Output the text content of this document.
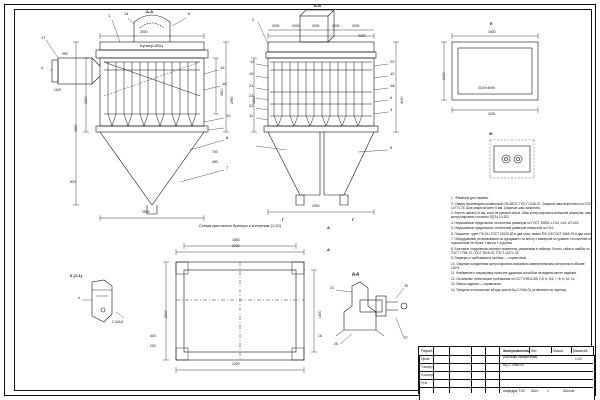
А-А
Б-Б
Е
Ж
К (1:1)	Д-Д
Г	Г
А
А
Схема крепления бункера к колоннам (1:20)
Бункер-ИВЦ
17
4
1	14	6
15
16
10
8
7
2
13
19
21
23
22
11
20
12
18
9
3
5
2000
1500
1800
2990
3810
990
1100
820
2500
750
450
2000	2000	2000	2000	2000
1500	4000
2000
3200
1500
1000
3100×400h
1100
2200
1800
2200	1800
2200
200
600
6
2-3х5,6
24	25
26
27
16
1. *Размеры для справок.
2. Сварку производить проволокой СВ-08Г2С ГОСТ 2246-70. Сварные швы выполнять по ГОСТ 14771-76. Шов сварной катет 6 мм. Сварные швы зачистить.
3. Катеты швов К=6 мм, если не указано иначе. Швы контролировать внешним осмотром; швы контролировать согласно РД 34.10-202.
4. Неуказанные предельные отклонения размеров по ГОСТ 30893.1-H14, h14, ±IT14/2.
5. Неуказанные предельные отклонения размеров отверстий по H14.
6. Покрытие: грунт ГФ-021 ГОСТ 25129-82 в два слоя; эмаль ПФ-115 ГОСТ 6465-76 в два слоя.
7. Оборудование устанавливать на фундамент по месту с выверкой по уровню; отклонение от горизонтали не более 1 мм на 1 м длины.
8. Болтовые соединения затянуть моментом, указанным в таблице. Болты, гайки и шайбы по ГОСТ 7798-70, ГОСТ 5915-70, ГОСТ 11371-78.
9. Размеры и требования в скобках — справочные.
10. Сварные соединения контролировать визуально-измерительным контролем в объеме 100%.
11. Клеймение и маркировку наносить ударным способом на видном месте изделия.
12. Остальные технические требования по ОСТ 5.9912-83; 2,5; 4; 5,6; 7; 8; 9; 10; 11.
13. Масса изделия — справочная.
14. Пределы контрольные сборку шахты 6ц-2-7х5н-З1 установить по чертежу.
Золоуловитель
(система батарейная)
6Ц-2-7х5н-З1
Лит.	Масса	Масштаб
1:20
Лист	1	Листов
Разраб.
Пров.
Т.контр.
Н.контр.
Утв.
Кафедра ТЭС
